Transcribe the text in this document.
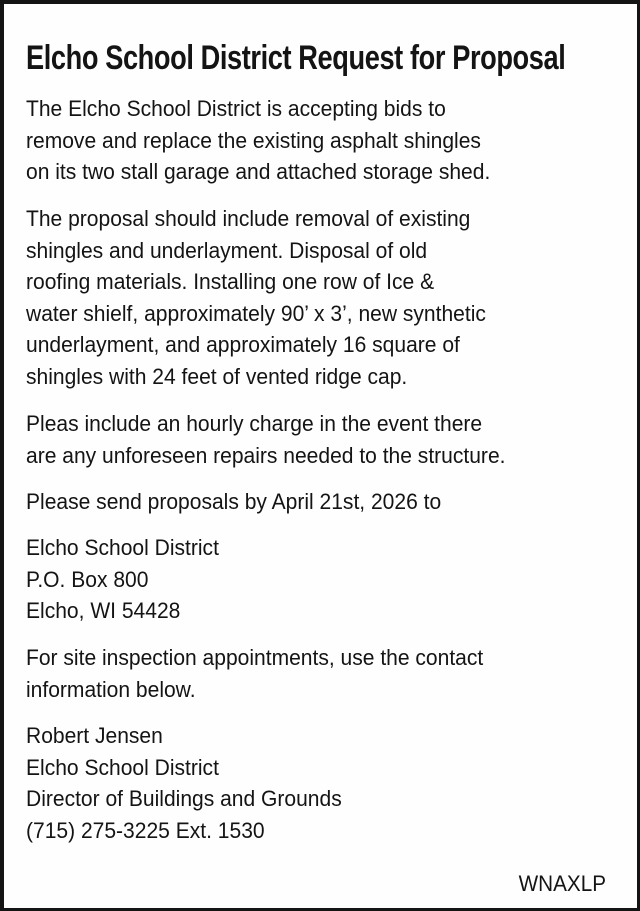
Elcho School District Request for Proposal
The Elcho School District is accepting bids to
remove and replace the existing asphalt shingles
on its two stall garage and attached storage shed.
The proposal should include removal of existing
shingles and underlayment. Disposal of old
roofing materials. Installing one row of Ice &
water shielf, approximately 90’ x 3’, new synthetic
underlayment, and approximately 16 square of
shingles with 24 feet of vented ridge cap.
Pleas include an hourly charge in the event there
are any unforeseen repairs needed to the structure.
Please send proposals by April 21st, 2026 to
Elcho School District
P.O. Box 800
Elcho, WI 54428
For site inspection appointments, use the contact
information below.
Robert Jensen
Elcho School District
Director of Buildings and Grounds
(715) 275-3225 Ext. 1530
WNAXLP
